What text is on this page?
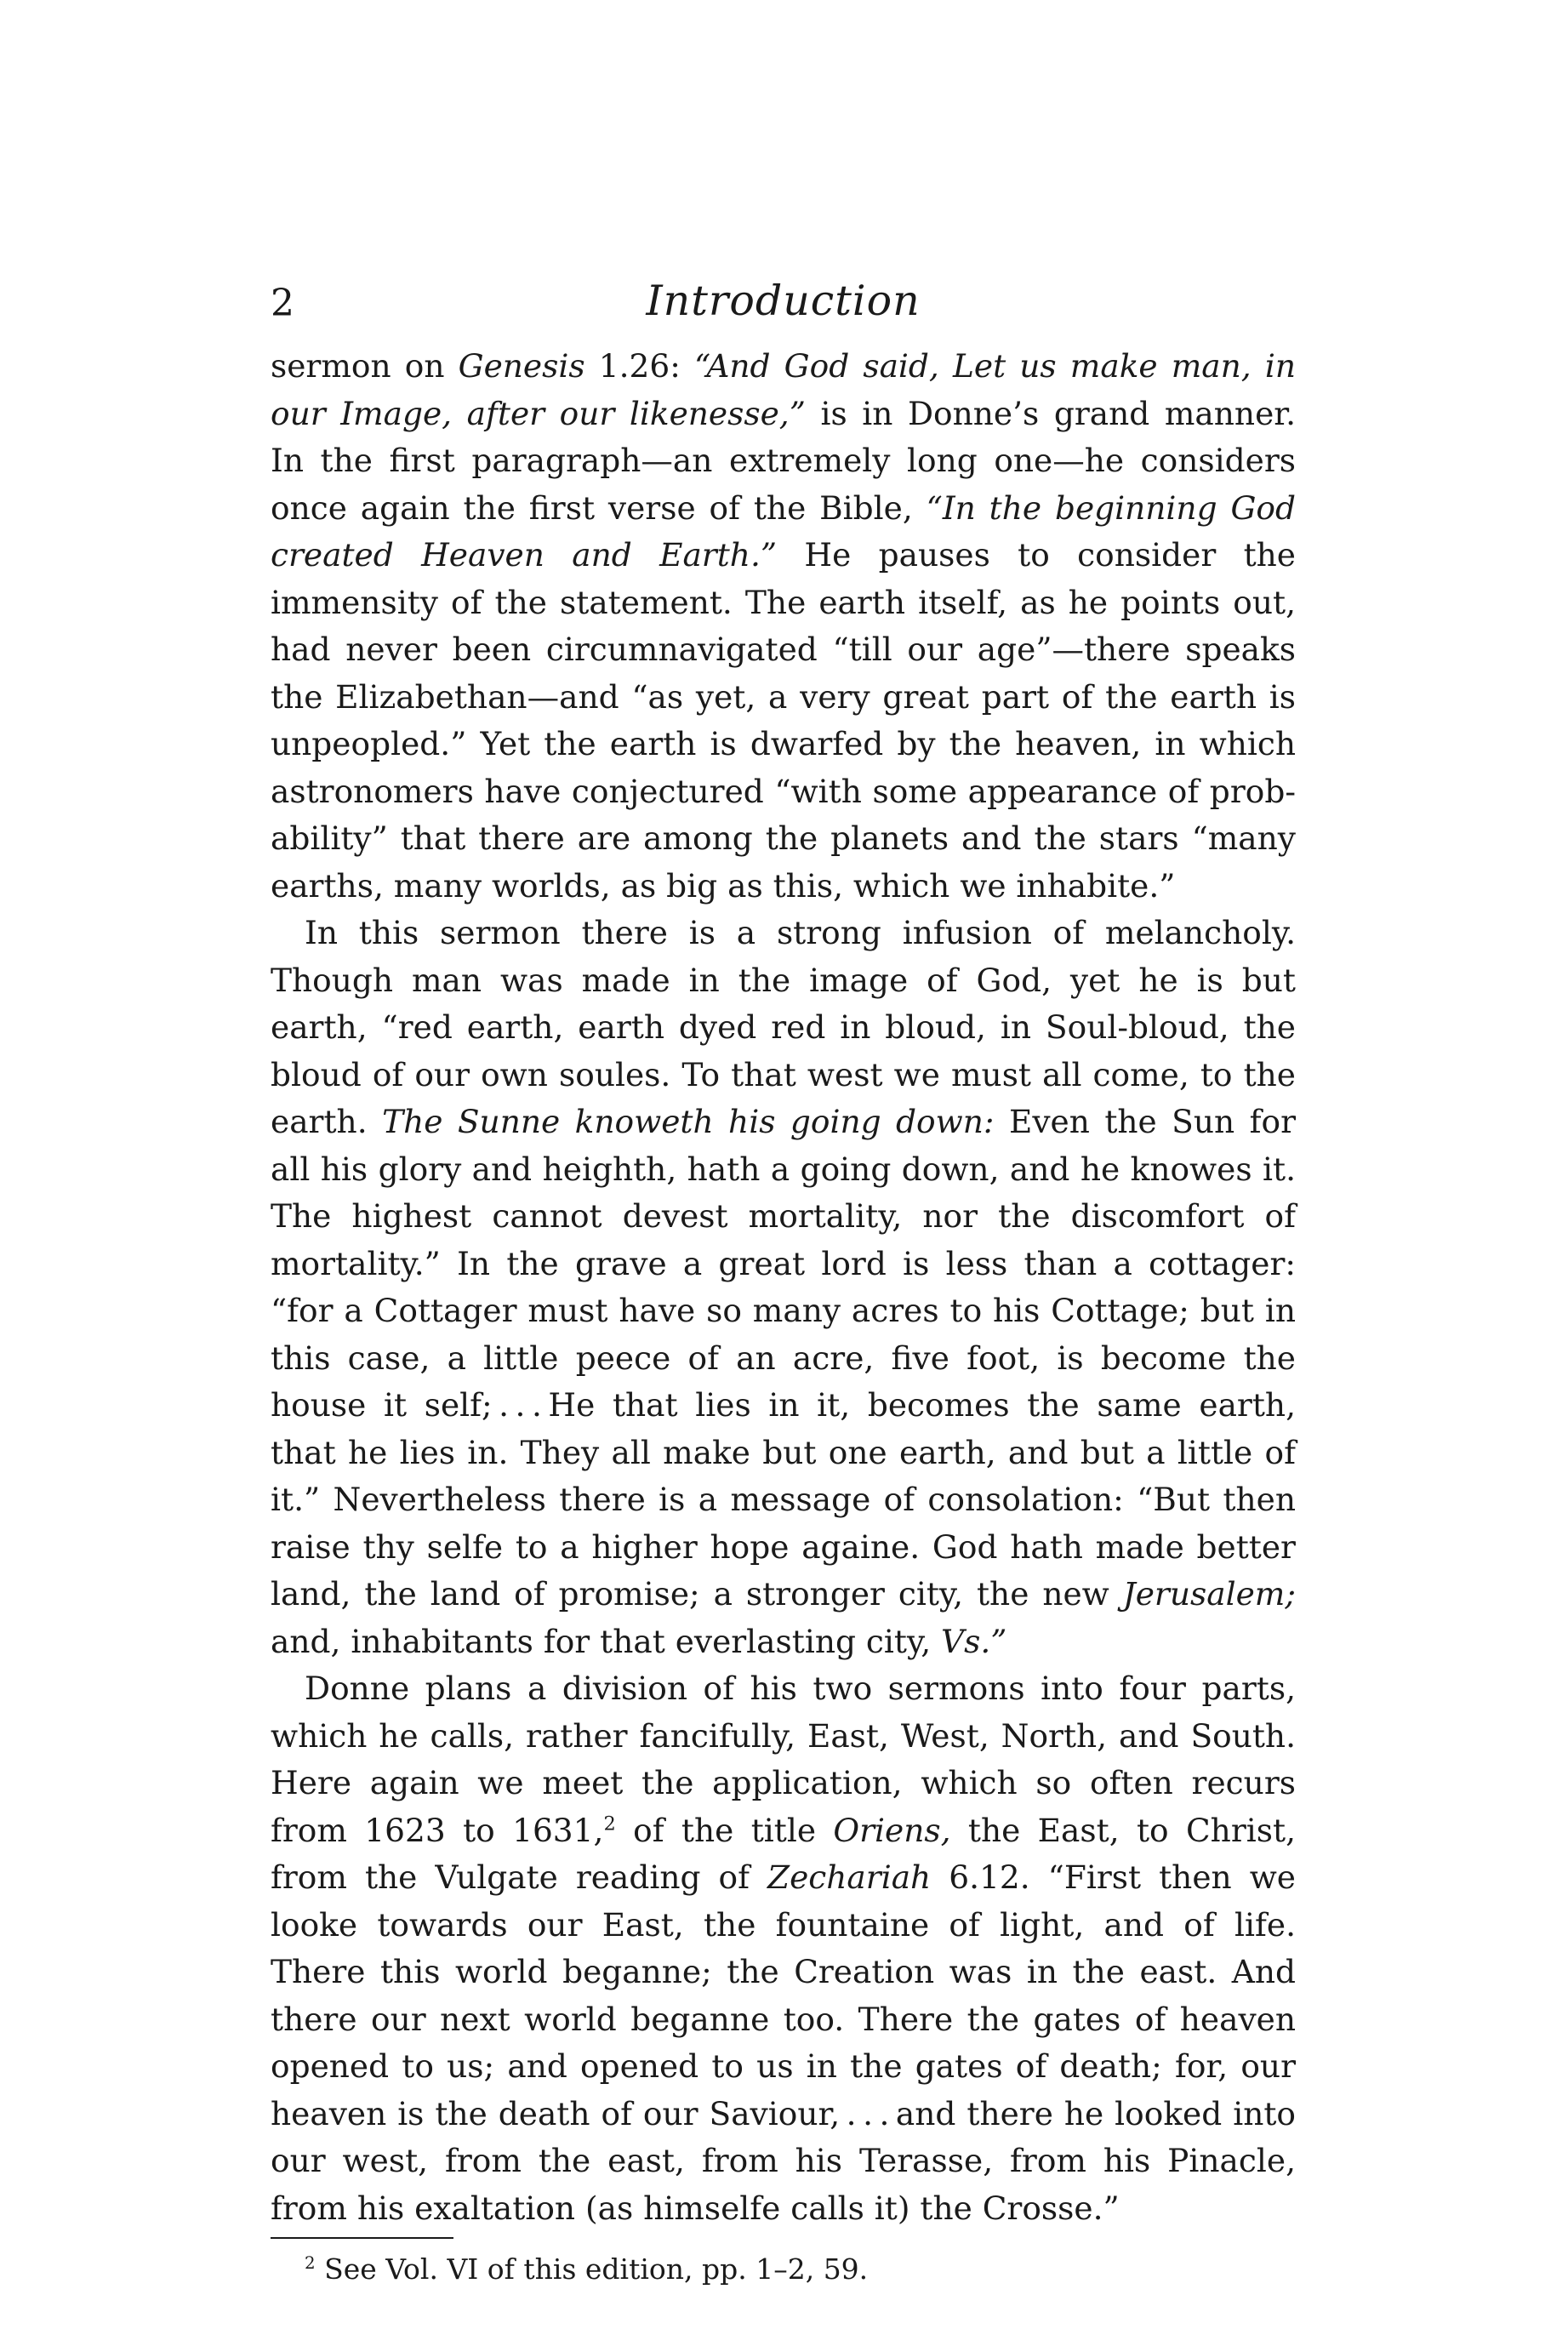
2	Introduction

sermon on Genesis 1.26: “And God said, Let us make man, in our Image, after our likenesse,” is in Donne’s grand manner. In the first paragraph—an extremely long one—he considers once again the first verse of the Bible, “In the beginning God created Heaven and Earth.” He pauses to consider the immensity of the statement. The earth itself, as he points out, had never been circumnavigated “till our age”—there speaks the Elizabethan—and “as yet, a very great part of the earth is unpeopled.” Yet the earth is dwarfed by the heaven, in which astronomers have conjectured “with some appearance of probability” that there are among the planets and the stars “many earths, many worlds, as big as this, which we inhabite.”

In this sermon there is a strong infusion of melancholy. Though man was made in the image of God, yet he is but earth, “red earth, earth dyed red in bloud, in Soul-bloud, the bloud of our own soules. To that west we must all come, to the earth. The Sunne knoweth his going down: Even the Sun for all his glory and heighth, hath a going down, and he knowes it. The highest cannot devest mortality, nor the discomfort of mortality.” In the grave a great lord is less than a cottager: “for a Cottager must have so many acres to his Cottage; but in this case, a little peece of an acre, five foot, is become the house it self; . . . He that lies in it, becomes the same earth, that he lies in. They all make but one earth, and but a little of it.” Nevertheless there is a message of consolation: “But then raise thy selfe to a higher hope againe. God hath made better land, the land of promise; a stronger city, the new Jerusalem; and, inhabitants for that everlasting city, Vs.”

Donne plans a division of his two sermons into four parts, which he calls, rather fancifully, East, West, North, and South. Here again we meet the application, which so often recurs from 1623 to 1631,$^2$ of the title Oriens, the East, to Christ, from the Vulgate reading of Zechariah 6.12. “First then we looke towards our East, the fountaine of light, and of life. There this world beganne; the Creation was in the east. And there our next world beganne too. There the gates of heaven opened to us; and opened to us in the gates of death; for, our heaven is the death of our Saviour, . . . and there he looked into our west, from the east, from his Terasse, from his Pinacle, from his exaltation (as himselfe calls it) the Crosse.”

$^2$ See Vol. VI of this edition, pp. 1–2, 59.
